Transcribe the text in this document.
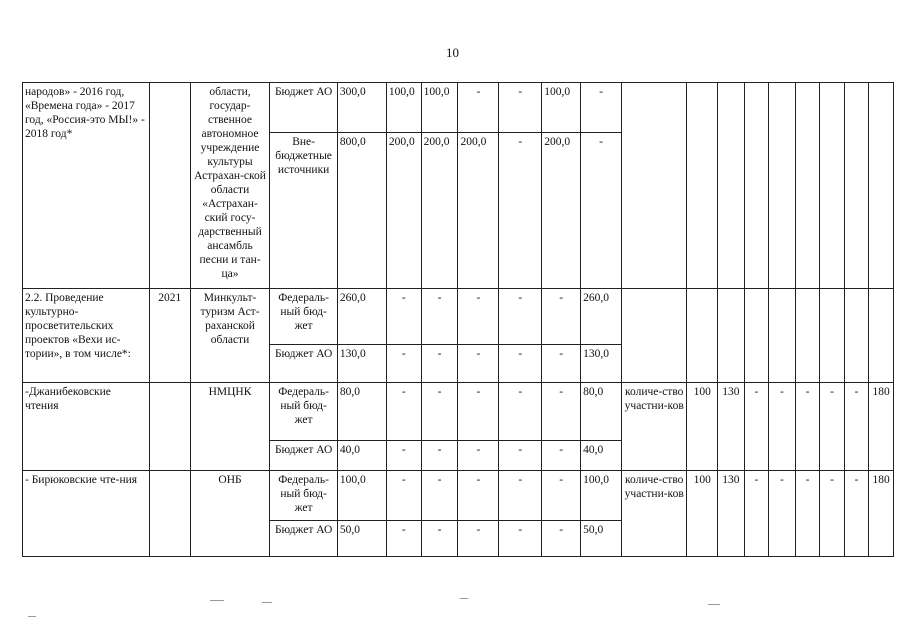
10
народов» - 2016 год, «Времена года» - 2017 год, «Россия-это МЫ!» - 2018 год*		области, государ-ственное автономное учреждение культуры Астрахан-ской области «Астрахан-ский госу-дарственный ансамбль песни и тан-ца»	Бюджет АО	300,0	100,0	100,0	-	-	100,0	-									
			Вне-бюджетные источники	800,0	200,0	200,0	200,0	-	200,0	-									
2.2. Проведение культурно-просветительских проектов «Вехи ис-тории», в том числе*:	2021	Минкульт-туризм Аст-раханской области	Федераль-ный бюд-жет	260,0	-	-	-	-	-	260,0									
			Бюджет АО	130,0	-	-	-	-	-	130,0									
-Джанибековские чтения		НМЦНК	Федераль-ный бюд-жет	80,0	-	-	-	-	-	80,0	количе-ство участни-ков	100	130	-	-	-	-	-	180
			Бюджет АО	40,0	-	-	-	-	-	40,0									
- Бирюковские чте-ния		ОНБ	Федераль-ный бюд-жет	100,0	-	-	-	-	-	100,0	количе-ство участни-ков	100	130	-	-	-	-	-	180
			Бюджет АО	50,0	-	-	-	-	-	50,0									
